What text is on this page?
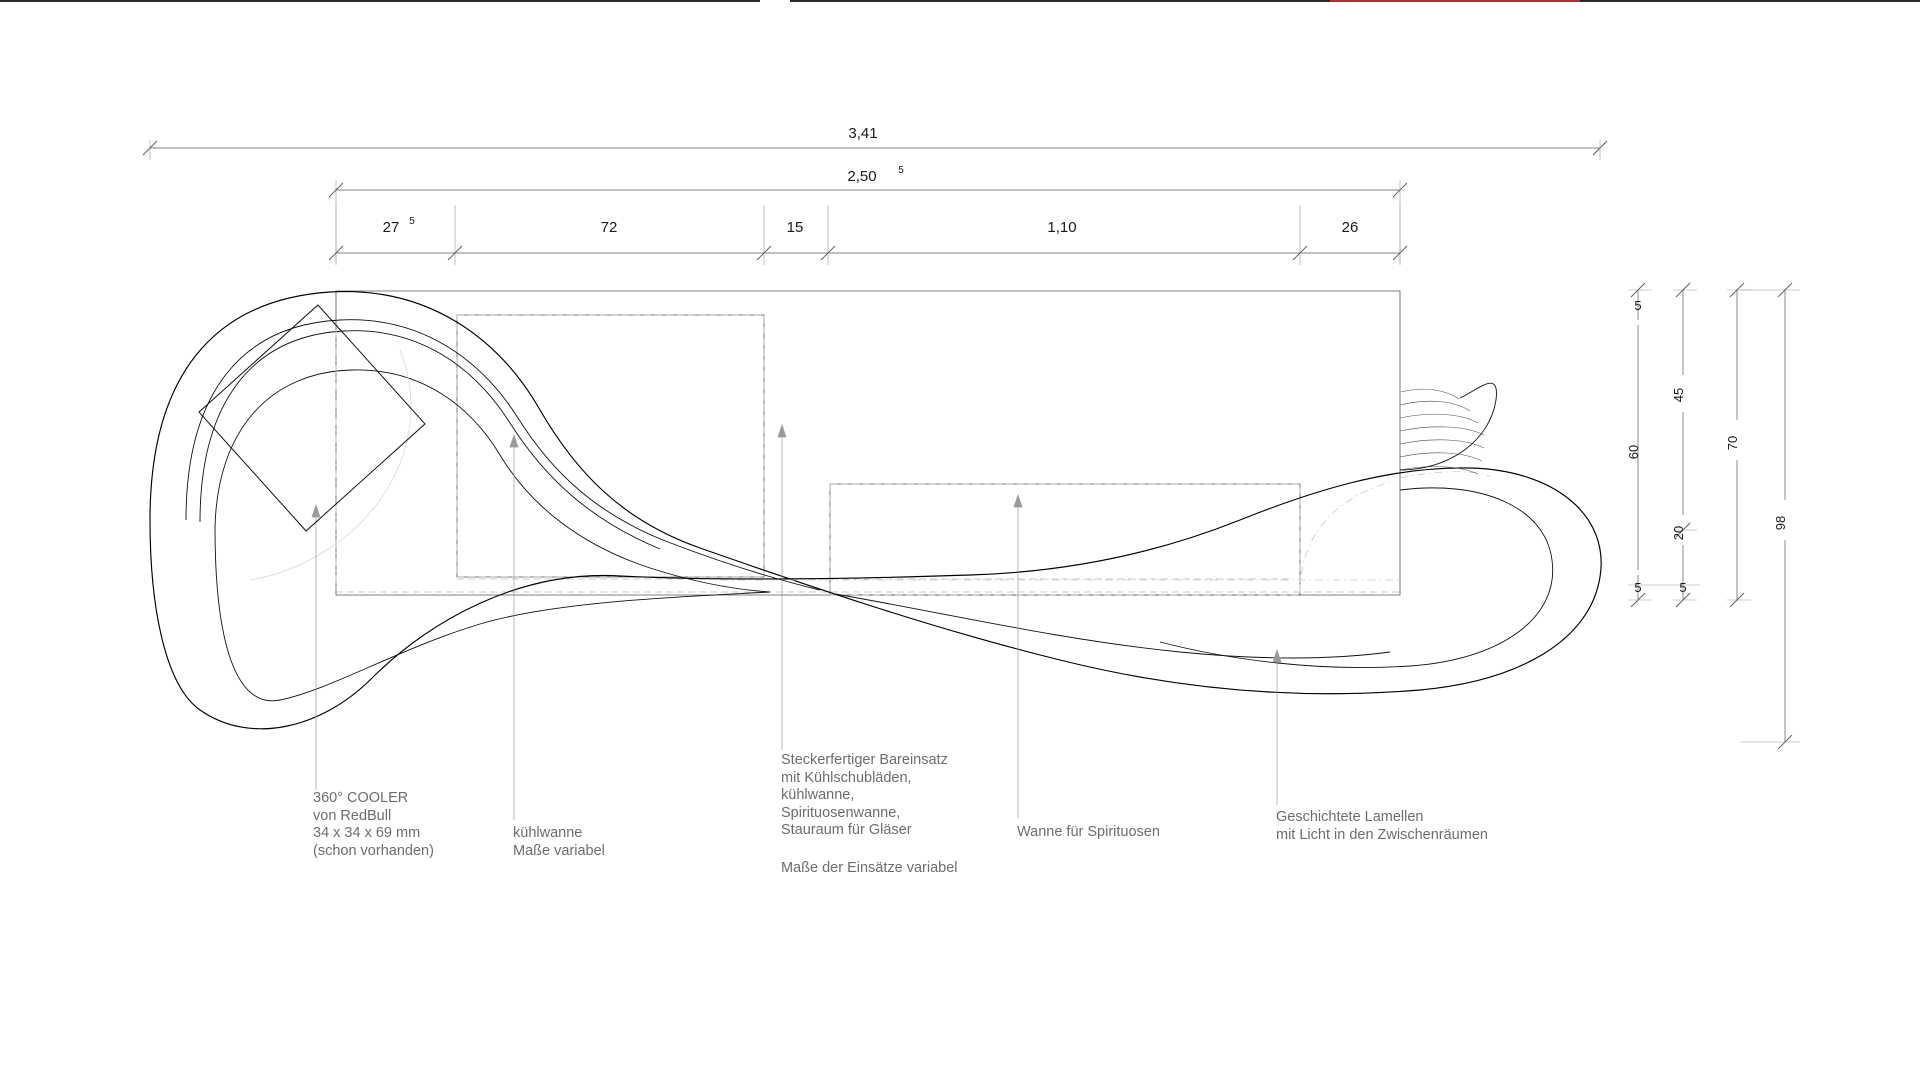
3,41
2,50 5
27 5	72	15	1,10	26
5
60
5
45
20
5
70
98
360° COOLER
von RedBull
34 x 34 x 69 mm
(schon vorhanden)
kühlwanne
Maße variabel
Steckerfertiger Bareinsatz
mit Kühlschubläden,
kühlwanne,
Spirituosenwanne,
Stauraum für Gläser
Maße der Einsätze variabel
Wanne für Spirituosen
Geschichtete Lamellen
mit Licht in den Zwischenräumen
